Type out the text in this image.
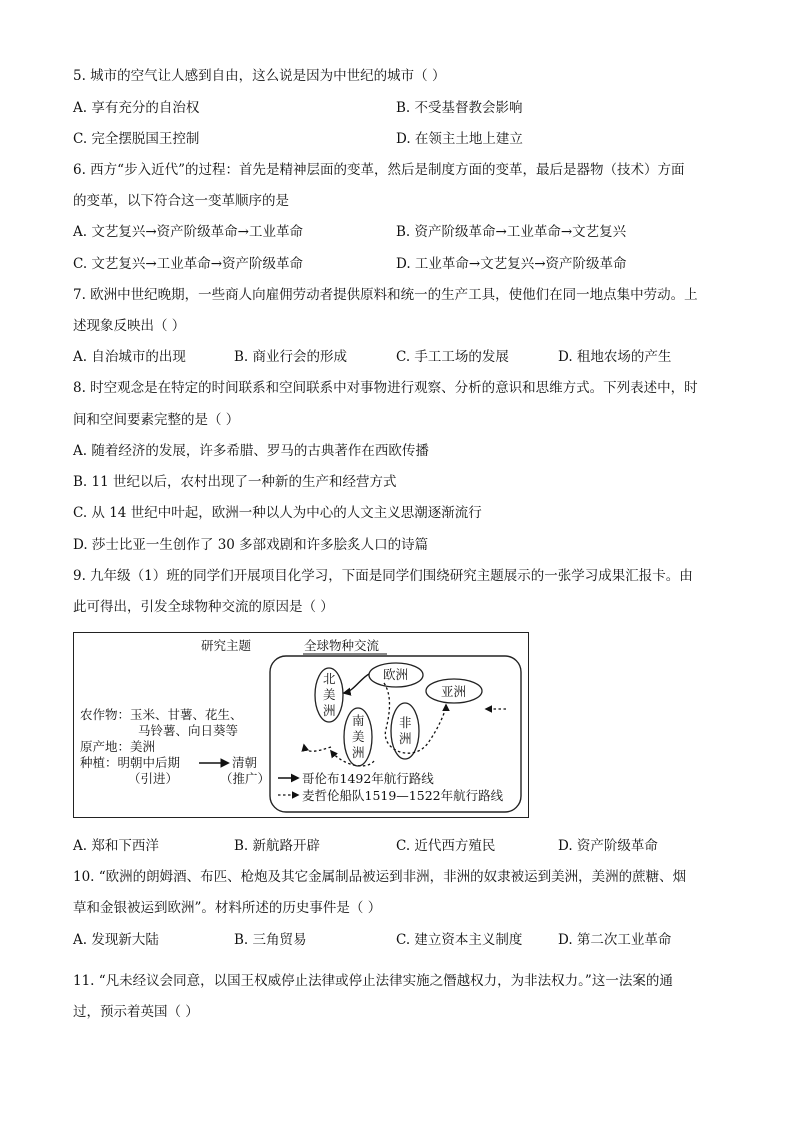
5. 城市的空气让人感到自由，这么说是因为中世纪的城市（ ）
A. 享有充分的自治权	B. 不受基督教会影响
C. 完全摆脱国王控制	D. 在领主土地上建立
6. 西方“步入近代”的过程：首先是精神层面的变革，然后是制度方面的变革，最后是器物（技术）方面
的变革，以下符合这一变革顺序的是
A. 文艺复兴→资产阶级革命→工业革命	B. 资产阶级革命→工业革命→文艺复兴
C. 文艺复兴→工业革命→资产阶级革命	D. 工业革命→文艺复兴→资产阶级革命
7. 欧洲中世纪晚期，一些商人向雇佣劳动者提供原料和统一的生产工具，使他们在同一地点集中劳动。上
述现象反映出（ ）
A. 自治城市的出现	B. 商业行会的形成	C. 手工工场的发展	D. 租地农场的产生
8. 时空观念是在特定的时间联系和空间联系中对事物进行观察、分析的意识和思维方式。下列表述中，时
间和空间要素完整的是（ ）
A. 随着经济的发展，许多希腊、罗马的古典著作在西欧传播
B. 11 世纪以后，农村出现了一种新的生产和经营方式
C. 从 14 世纪中叶起，欧洲一种以人为中心的人文主义思潮逐渐流行
D. 莎士比亚一生创作了 30 多部戏剧和许多脍炙人口的诗篇
9. 九年级（1）班的同学们开展项目化学习，下面是同学们围绕研究主题展示的一张学习成果汇报卡。由
此可得出，引发全球物种交流的原因是（ ）
研究主题
农作物：玉米、甘薯、花生、
马铃薯、向日葵等
原产地：美洲
种植：明朝中后期	清朝
（引进）	（推广）
全球物种交流
北
美
洲
南
美
洲
欧洲
非
洲
亚洲
哥伦布1492年航行路线
麦哲伦船队1519—1522年航行路线
A. 郑和下西洋	B. 新航路开辟	C. 近代西方殖民	D. 资产阶级革命
10. “欧洲的朗姆酒、布匹、枪炮及其它金属制品被运到非洲，非洲的奴隶被运到美洲，美洲的蔗糖、烟
草和金银被运到欧洲”。材料所述的历史事件是（ ）
A. 发现新大陆	B. 三角贸易	C. 建立资本主义制度	D. 第二次工业革命
11. “凡未经议会同意，以国王权威停止法律或停止法律实施之僭越权力，为非法权力。”这一法案的通
过，预示着英国（ ）
